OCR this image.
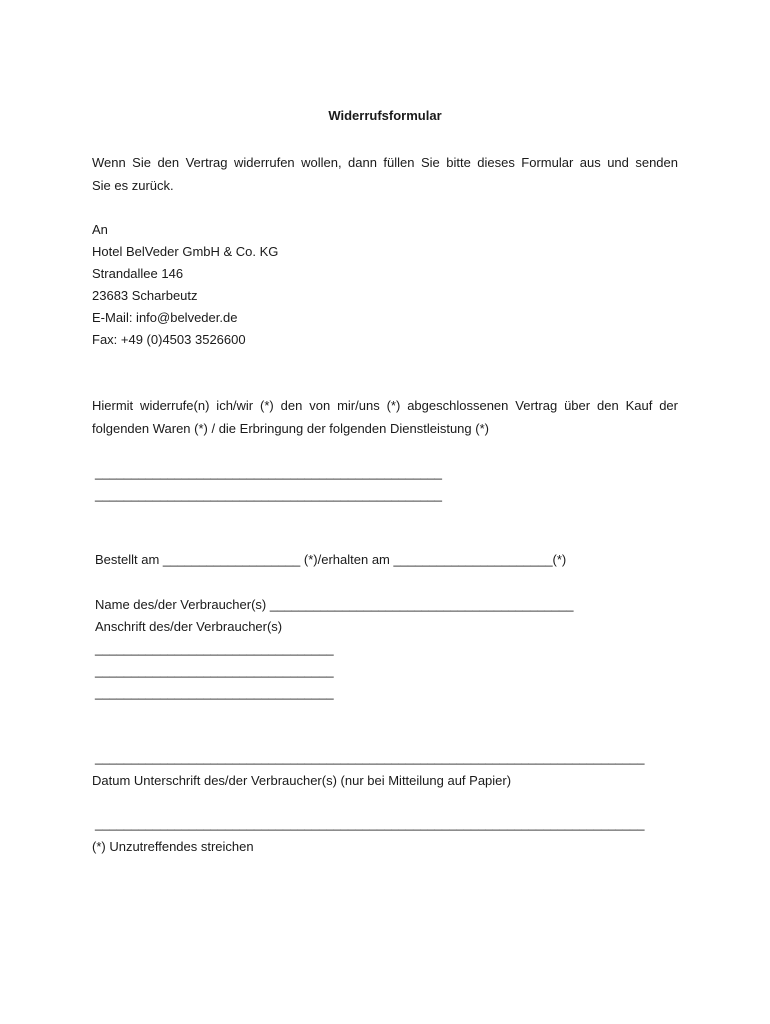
Widerrufsformular
Wenn Sie den Vertrag widerrufen wollen, dann füllen Sie bitte dieses Formular aus und senden
Sie es zurück.
An
Hotel BelVeder GmbH & Co. KG
Strandallee 146
23683 Scharbeutz
E-Mail: info@belveder.de
Fax: +49 (0)4503 3526600
Hiermit widerrufe(n) ich/wir (*) den von mir/uns (*) abgeschlossenen Vertrag über den Kauf der
folgenden Waren (*) / die Erbringung der folgenden Dienstleistung (*)
________________________________________________
________________________________________________
Bestellt am ___________________ (*)/erhalten am ______________________(*)
Name des/der Verbraucher(s) __________________________________________
Anschrift des/der Verbraucher(s)
_________________________________
_________________________________
_________________________________
____________________________________________________________________________
Datum Unterschrift des/der Verbraucher(s) (nur bei Mitteilung auf Papier)
____________________________________________________________________________
(*) Unzutreffendes streichen
